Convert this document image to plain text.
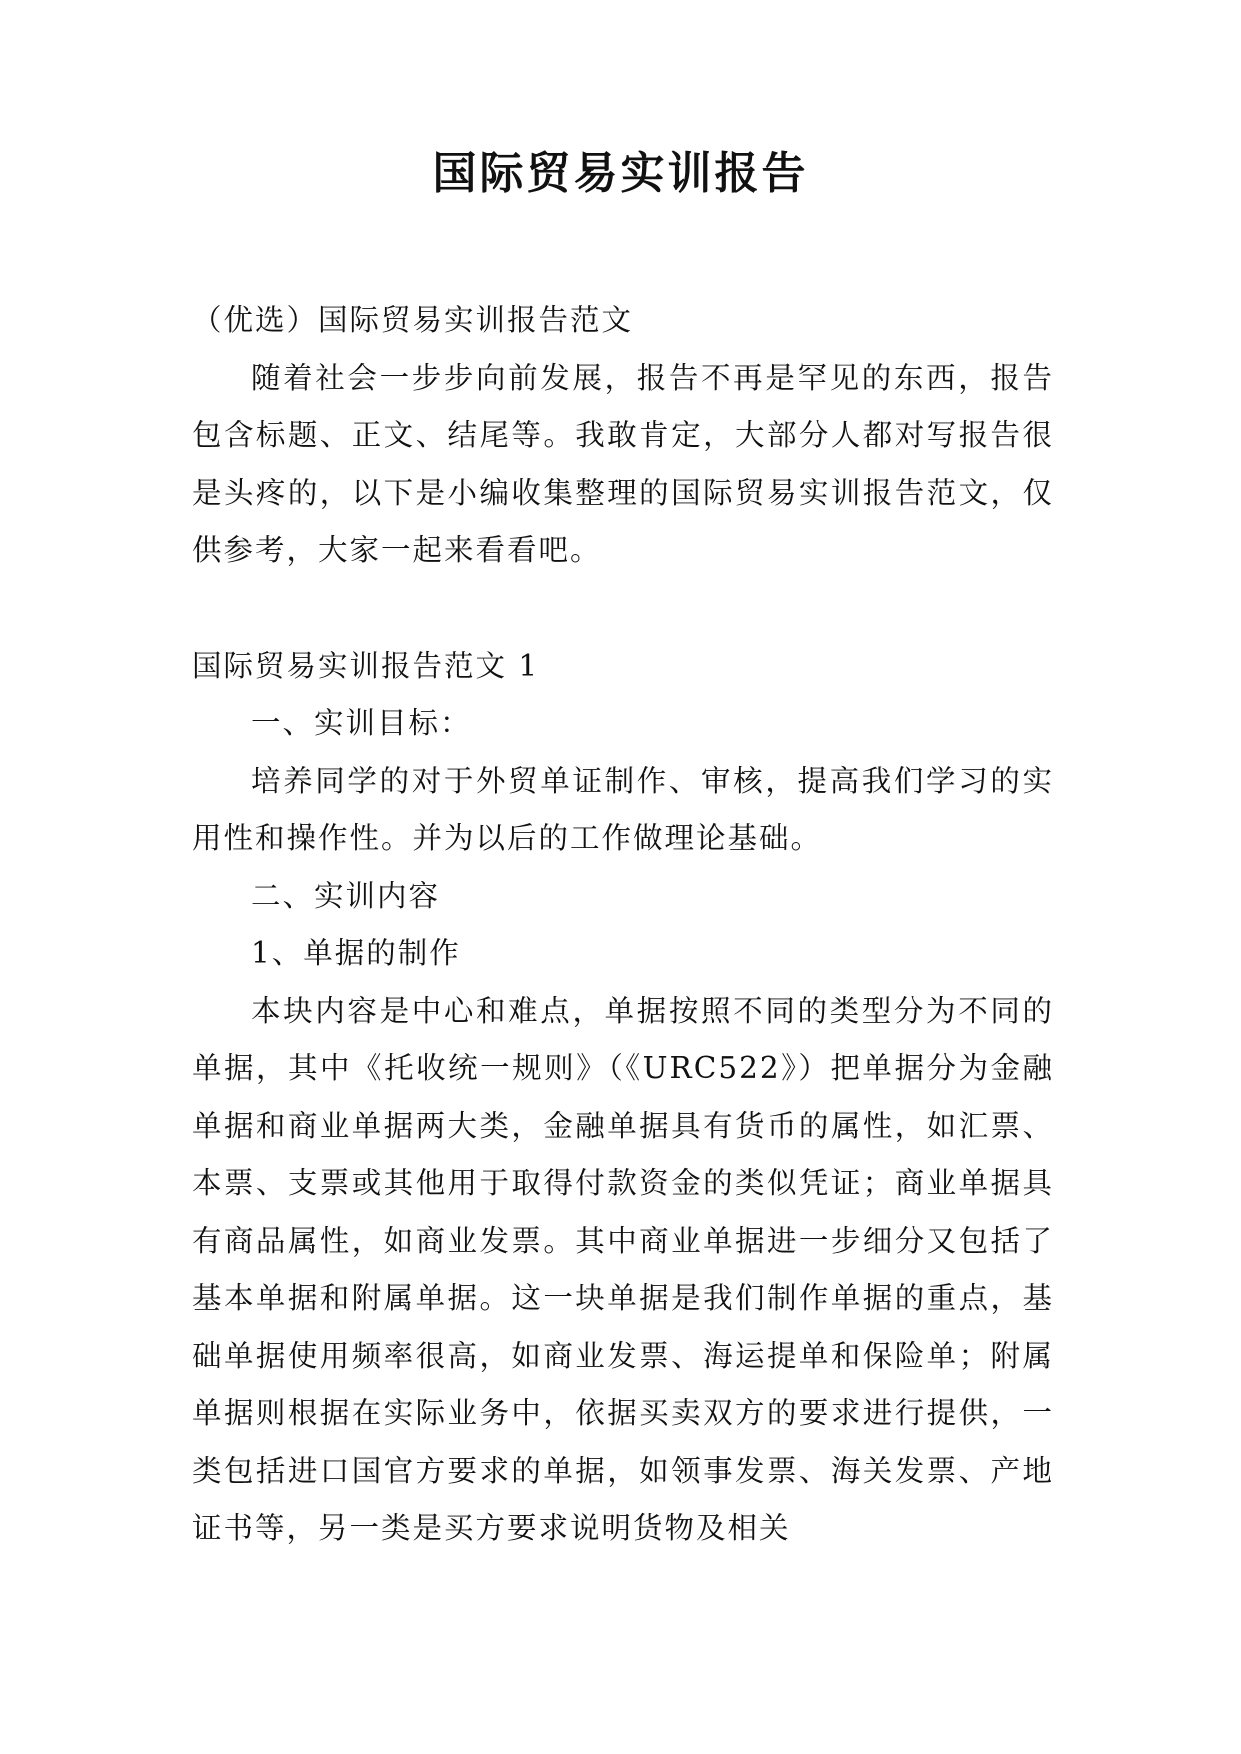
国际贸易实训报告

（优选）国际贸易实训报告范文

随着社会一步步向前发展，报告不再是罕见的东西，报告包含标题、正文、结尾等。我敢肯定，大部分人都对写报告很是头疼的，以下是小编收集整理的国际贸易实训报告范文，仅供参考，大家一起来看看吧。

国际贸易实训报告范文 1

一、实训目标：

培养同学的对于外贸单证制作、审核，提高我们学习的实用性和操作性。并为以后的工作做理论基础。

二、实训内容

1、单据的制作

本块内容是中心和难点，单据按照不同的类型分为不同的单据，其中《托收统一规则》（《URC522》）把单据分为金融单据和商业单据两大类，金融单据具有货币的属性，如汇票、本票、支票或其他用于取得付款资金的类似凭证；商业单据具有商品属性，如商业发票。其中商业单据进一步细分又包括了基本单据和附属单据。这一块单据是我们制作单据的重点，基础单据使用频率很高，如商业发票、海运提单和保险单；附属单据则根据在实际业务中，依据买卖双方的要求进行提供，一类包括进口国官方要求的单据，如领事发票、海关发票、产地证书等，另一类是买方要求说明货物及相关
